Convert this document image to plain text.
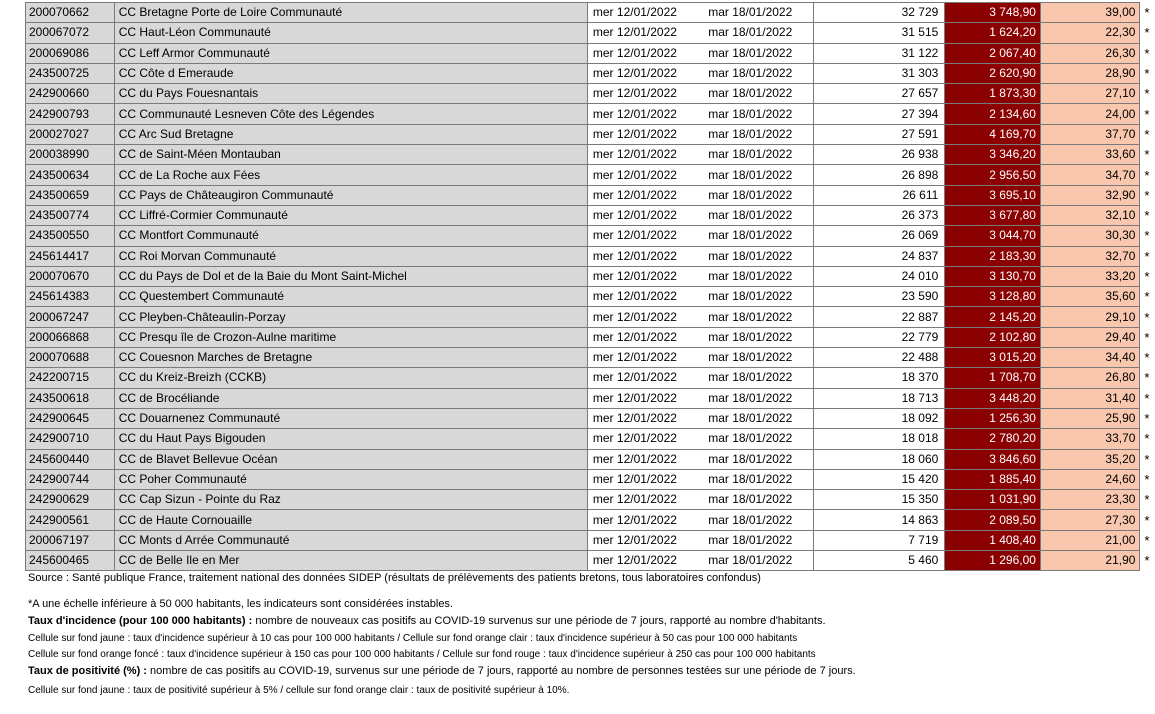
200070662	CC Bretagne Porte de Loire Communauté	mer 12/01/2022	mar 18/01/2022	32 729	3 748,90	39,00	*
200067072	CC Haut-Léon Communauté	mer 12/01/2022	mar 18/01/2022	31 515	1 624,20	22,30	*
200069086	CC Leff Armor Communauté	mer 12/01/2022	mar 18/01/2022	31 122	2 067,40	26,30	*
243500725	CC Côte d Emeraude	mer 12/01/2022	mar 18/01/2022	31 303	2 620,90	28,90	*
242900660	CC du Pays Fouesnantais	mer 12/01/2022	mar 18/01/2022	27 657	1 873,30	27,10	*
242900793	CC Communauté Lesneven Côte des Légendes	mer 12/01/2022	mar 18/01/2022	27 394	2 134,60	24,00	*
200027027	CC Arc Sud Bretagne	mer 12/01/2022	mar 18/01/2022	27 591	4 169,70	37,70	*
200038990	CC de Saint-Méen Montauban	mer 12/01/2022	mar 18/01/2022	26 938	3 346,20	33,60	*
243500634	CC de La Roche aux Fées	mer 12/01/2022	mar 18/01/2022	26 898	2 956,50	34,70	*
243500659	CC Pays de Châteaugiron Communauté	mer 12/01/2022	mar 18/01/2022	26 611	3 695,10	32,90	*
243500774	CC Liffré-Cormier Communauté	mer 12/01/2022	mar 18/01/2022	26 373	3 677,80	32,10	*
243500550	CC Montfort Communauté	mer 12/01/2022	mar 18/01/2022	26 069	3 044,70	30,30	*
245614417	CC Roi Morvan Communauté	mer 12/01/2022	mar 18/01/2022	24 837	2 183,30	32,70	*
200070670	CC du Pays de Dol et de la Baie du Mont Saint-Michel	mer 12/01/2022	mar 18/01/2022	24 010	3 130,70	33,20	*
245614383	CC Questembert Communauté	mer 12/01/2022	mar 18/01/2022	23 590	3 128,80	35,60	*
200067247	CC Pleyben-Châteaulin-Porzay	mer 12/01/2022	mar 18/01/2022	22 887	2 145,20	29,10	*
200066868	CC Presqu île de Crozon-Aulne maritime	mer 12/01/2022	mar 18/01/2022	22 779	2 102,80	29,40	*
200070688	CC Couesnon Marches de Bretagne	mer 12/01/2022	mar 18/01/2022	22 488	3 015,20	34,40	*
242200715	CC du Kreiz-Breizh (CCKB)	mer 12/01/2022	mar 18/01/2022	18 370	1 708,70	26,80	*
243500618	CC de Brocéliande	mer 12/01/2022	mar 18/01/2022	18 713	3 448,20	31,40	*
242900645	CC Douarnenez Communauté	mer 12/01/2022	mar 18/01/2022	18 092	1 256,30	25,90	*
242900710	CC du Haut Pays Bigouden	mer 12/01/2022	mar 18/01/2022	18 018	2 780,20	33,70	*
245600440	CC de Blavet Bellevue Océan	mer 12/01/2022	mar 18/01/2022	18 060	3 846,60	35,20	*
242900744	CC Poher Communauté	mer 12/01/2022	mar 18/01/2022	15 420	1 885,40	24,60	*
242900629	CC Cap Sizun - Pointe du Raz	mer 12/01/2022	mar 18/01/2022	15 350	1 031,90	23,30	*
242900561	CC de Haute Cornouaille	mer 12/01/2022	mar 18/01/2022	14 863	2 089,50	27,30	*
200067197	CC Monts d Arrée Communauté	mer 12/01/2022	mar 18/01/2022	7 719	1 408,40	21,00	*
245600465	CC de Belle Ile en Mer	mer 12/01/2022	mar 18/01/2022	5 460	1 296,00	21,90	*
Source : Santé publique France, traitement national des données SIDEP (résultats de prélèvements des patients bretons, tous laboratoires confondus)
*A une échelle inférieure à 50 000 habitants, les indicateurs sont considérées instables.
Taux d'incidence (pour 100 000 habitants) : nombre de nouveaux cas positifs au COVID-19 survenus sur une période de 7 jours, rapporté au nombre d'habitants.
Cellule sur fond jaune : taux d'incidence supérieur à 10 cas pour 100 000 habitants / Cellule sur fond orange clair : taux d'incidence supérieur à 50 cas pour 100 000 habitants
Cellule sur fond orange foncé : taux d'incidence supérieur à 150 cas pour 100 000 habitants / Cellule sur fond rouge : taux d'incidence supérieur à 250 cas pour 100 000 habitants
Taux de positivité (%) : nombre de cas positifs au COVID-19, survenus sur une période de 7 jours, rapporté au nombre de personnes testées sur une période de 7 jours.
Cellule sur fond jaune : taux de positivité supérieur à 5% / cellule sur fond orange clair : taux de positivité supérieur à 10%.
